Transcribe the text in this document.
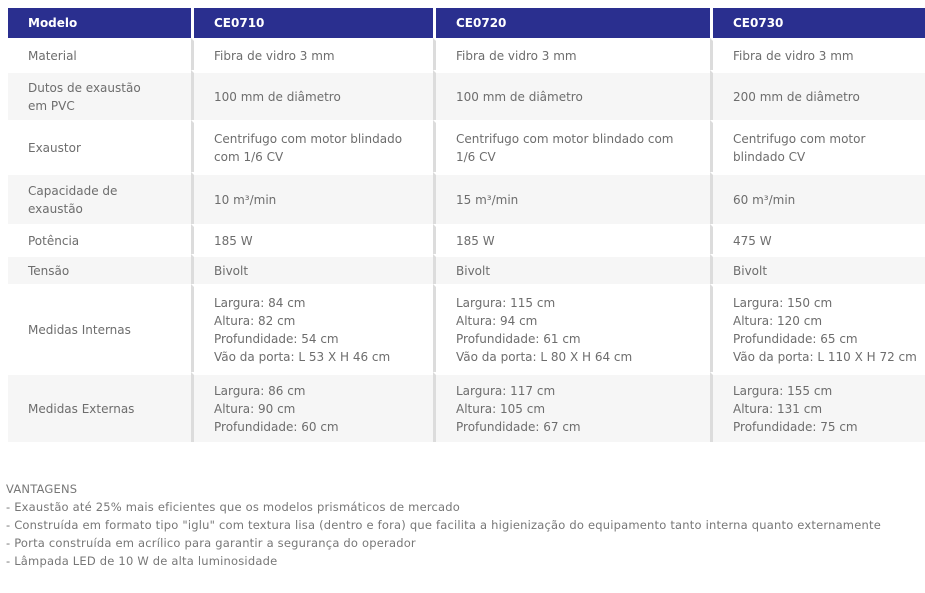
Modelo	CE0710	CE0720	CE0730
Material	Fibra de vidro 3 mm	Fibra de vidro 3 mm	Fibra de vidro 3 mm

Dutos de exaustão em PVC	100 mm de diâmetro	100 mm de diâmetro	200 mm de diâmetro

Exaustor	Centrifugo com motor blindado com 1/6 CV	Centrifugo com motor blindado com 1/6 CV	Centrifugo com motor blindado CV

Capacidade de exaustão	10 m³/min	15 m³/min	60 m³/min

Potência	185 W	185 W	475 W

Tensão	Bivolt	Bivolt	Bivolt

Medidas Internas	Largura: 84 cm
Altura: 82 cm
Profundidade: 54 cm
Vão da porta: L 53 X H 46 cm	Largura: 115 cm
Altura: 94 cm
Profundidade: 61 cm
Vão da porta: L 80 X H 64 cm	Largura: 150 cm
Altura: 120 cm
Profundidade: 65 cm
Vão da porta: L 110 X H 72 cm

Medidas Externas	Largura: 86 cm
Altura: 90 cm
Profundidade: 60 cm	Largura: 117 cm
Altura: 105 cm
Profundidade: 67 cm	Largura: 155 cm
Altura: 131 cm
Profundidade: 75 cm
VANTAGENS
- Exaustão até 25% mais eficientes que os modelos prismáticos de mercado
- Construída em formato tipo "iglu" com textura lisa (dentro e fora) que facilita a higienização do equipamento tanto interna quanto externamente
- Porta construída em acrílico para garantir a segurança do operador
- Lâmpada LED de 10 W de alta luminosidade
